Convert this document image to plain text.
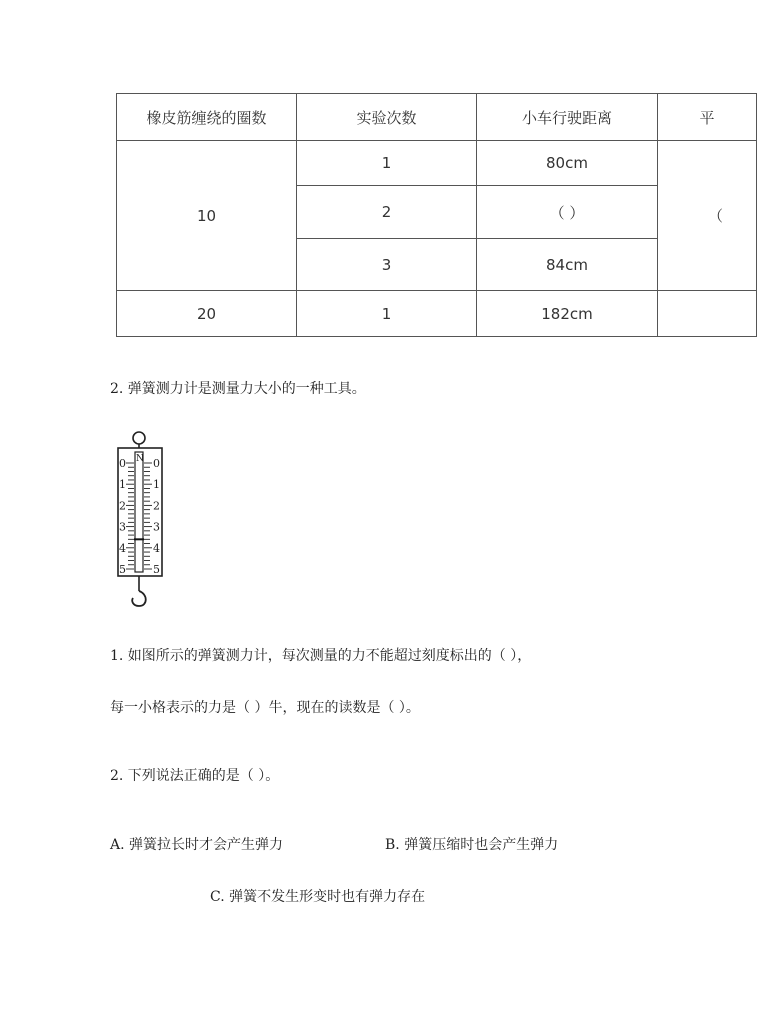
橡皮筋缠绕的圈数	实验次数	小车行驶距离	平
10	1	80cm	（
	2	（ ）	
	3	84cm	
20	1	182cm	
2. 弹簧测力计是测量力大小的一种工具。
N
0
1
2
3
4
5
0
1
2
3
4
5
1. 如图所示的弹簧测力计，每次测量的力不能超过刻度标出的（ ），
每一小格表示的力是（ ）牛，现在的读数是（ ）。
2. 下列说法正确的是（ ）。
A. 弹簧拉长时才会产生弹力	B. 弹簧压缩时也会产生弹力
C. 弹簧不发生形变时也有弹力存在
